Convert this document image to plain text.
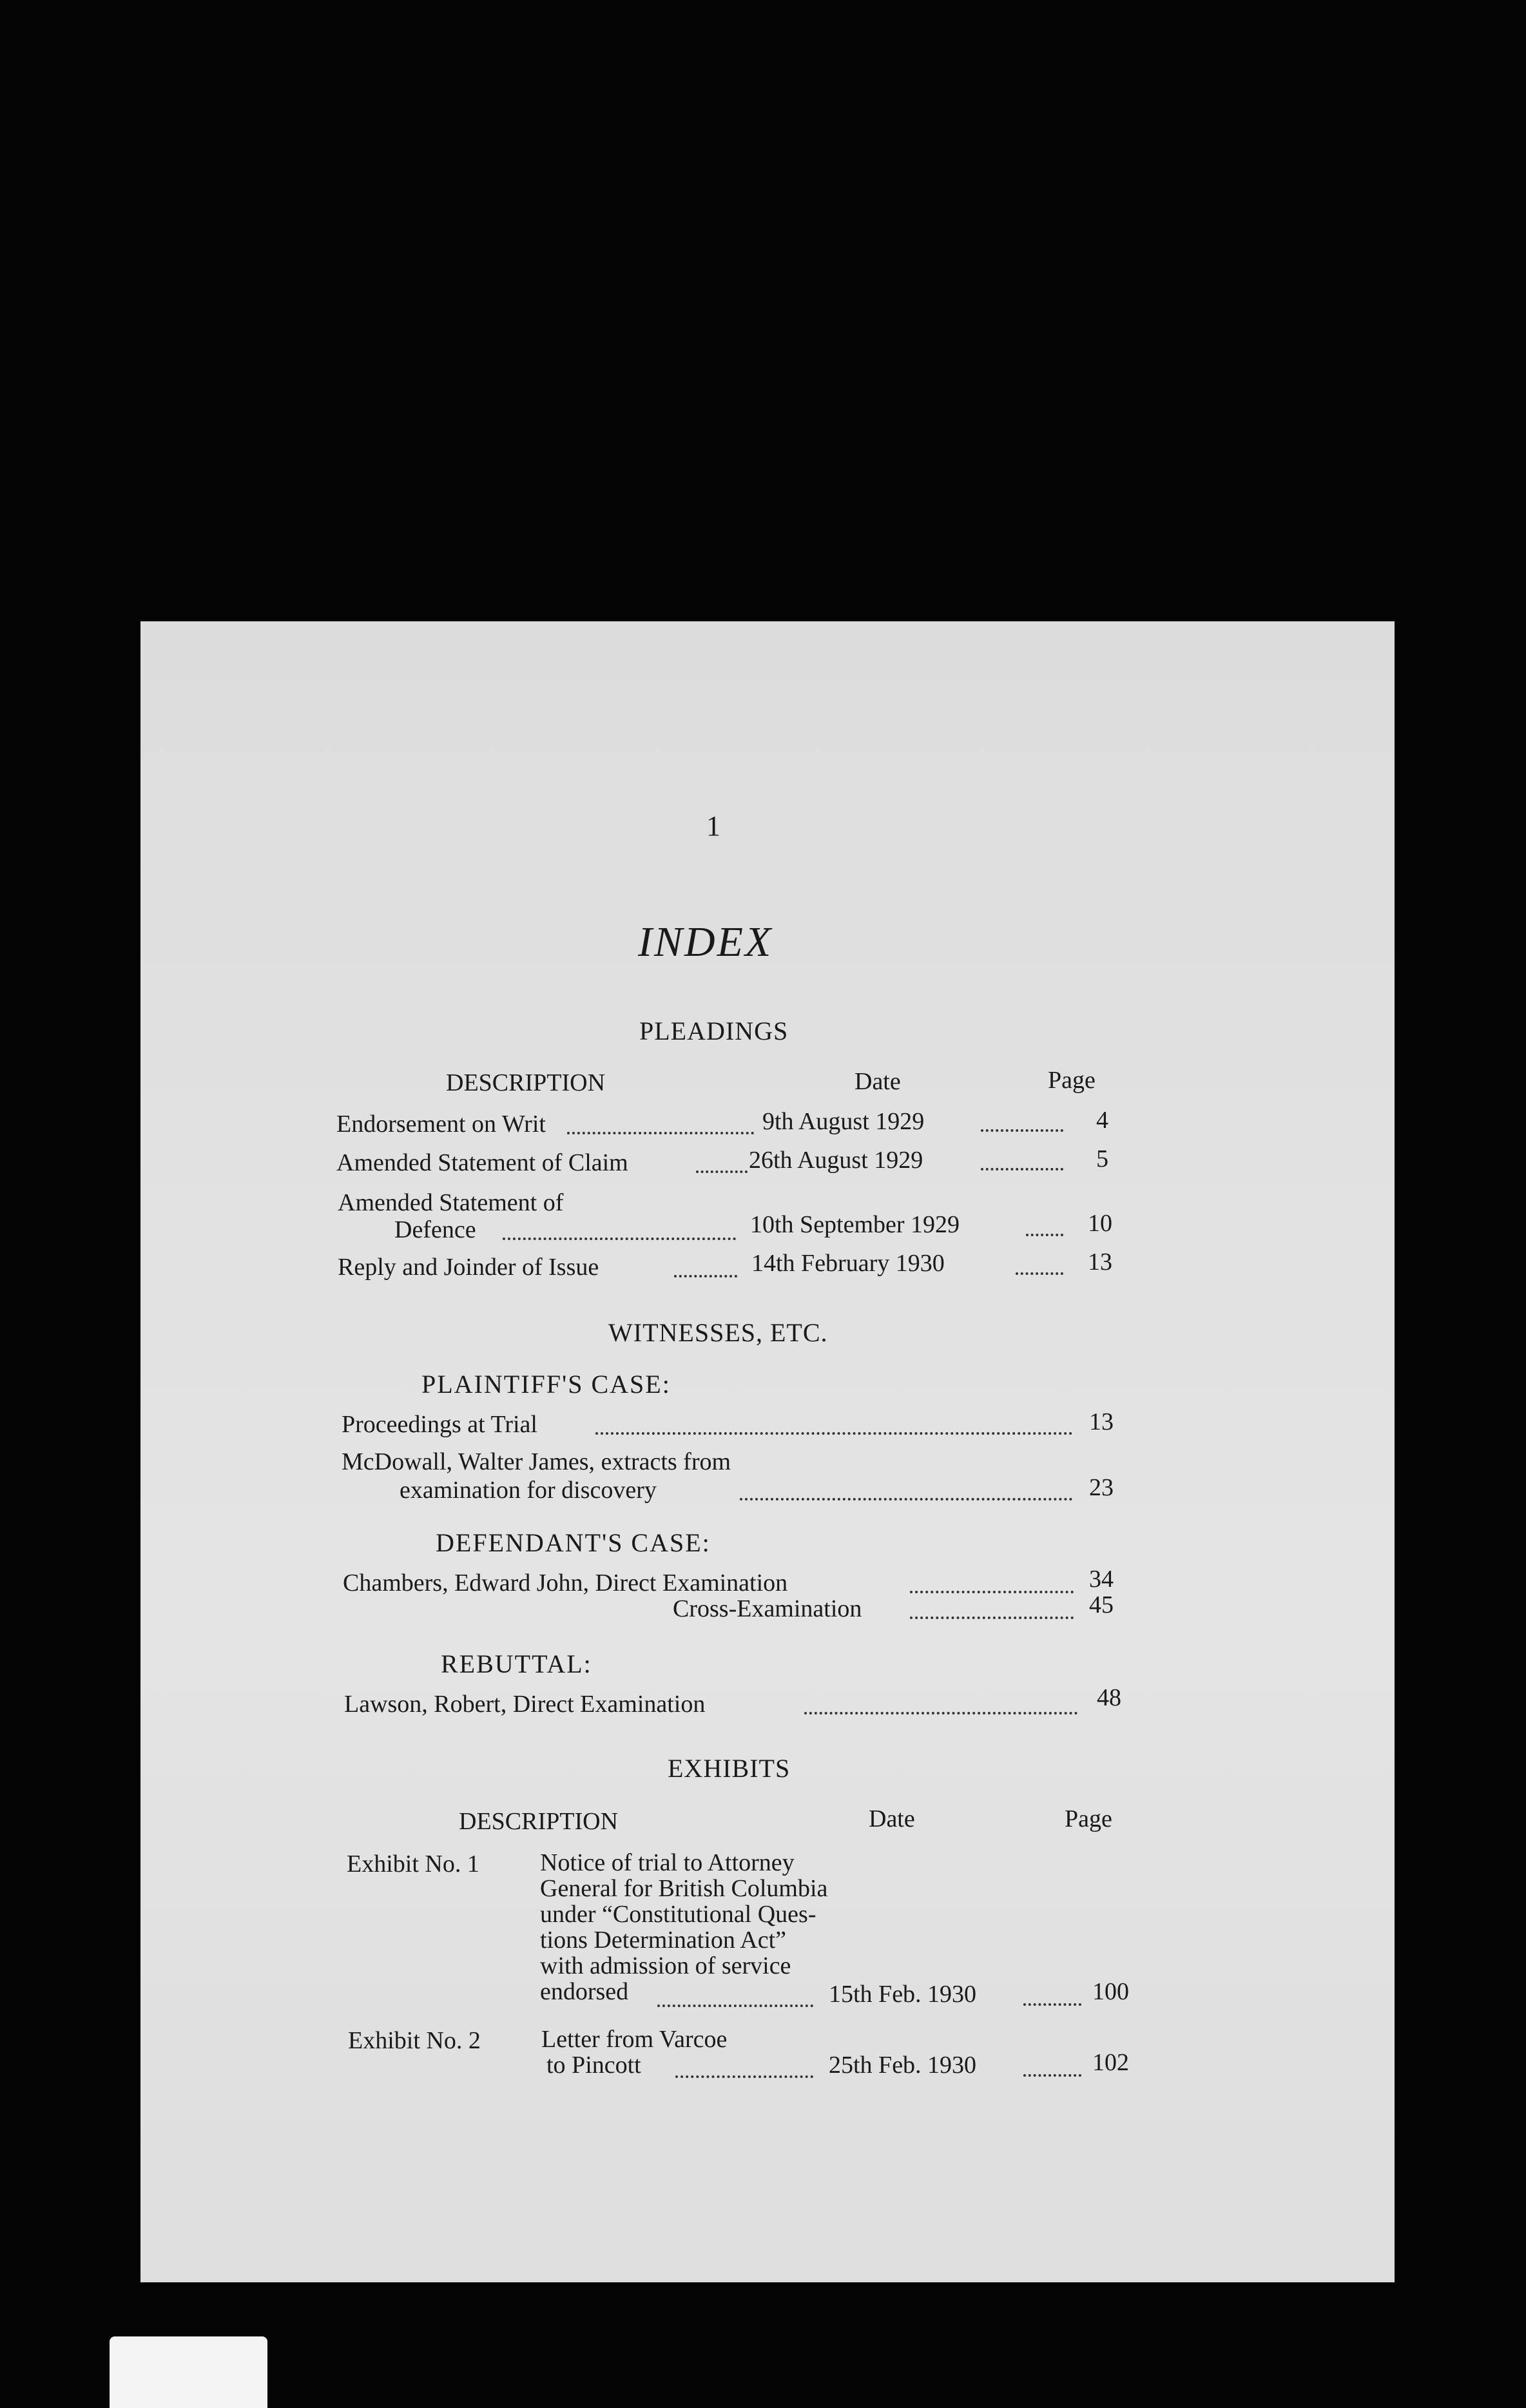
1
INDEX
PLEADINGS
DESCRIPTION	Date	Page
Endorsement on Writ	9th August 1929	4
Amended Statement of Claim	26th August 1929	5
Amended Statement of
Defence	10th September 1929	10
Reply and Joinder of Issue	14th February 1930	13
WITNESSES, ETC.
PLAINTIFF'S CASE:
Proceedings at Trial	13
McDowall, Walter James, extracts from
examination for discovery	23
DEFENDANT'S CASE:
Chambers, Edward John, Direct Examination	34
Cross-Examination	45
REBUTTAL:
Lawson, Robert, Direct Examination	48
EXHIBITS
DESCRIPTION	Date	Page
Exhibit No. 1 Notice of trial to Attorney
General for British Columbia
under “Constitutional Ques-
tions Determination Act”
with admission of service
endorsed	15th Feb. 1930	100
Exhibit No. 2 Letter from Varcoe
to Pincott	25th Feb. 1930	102
